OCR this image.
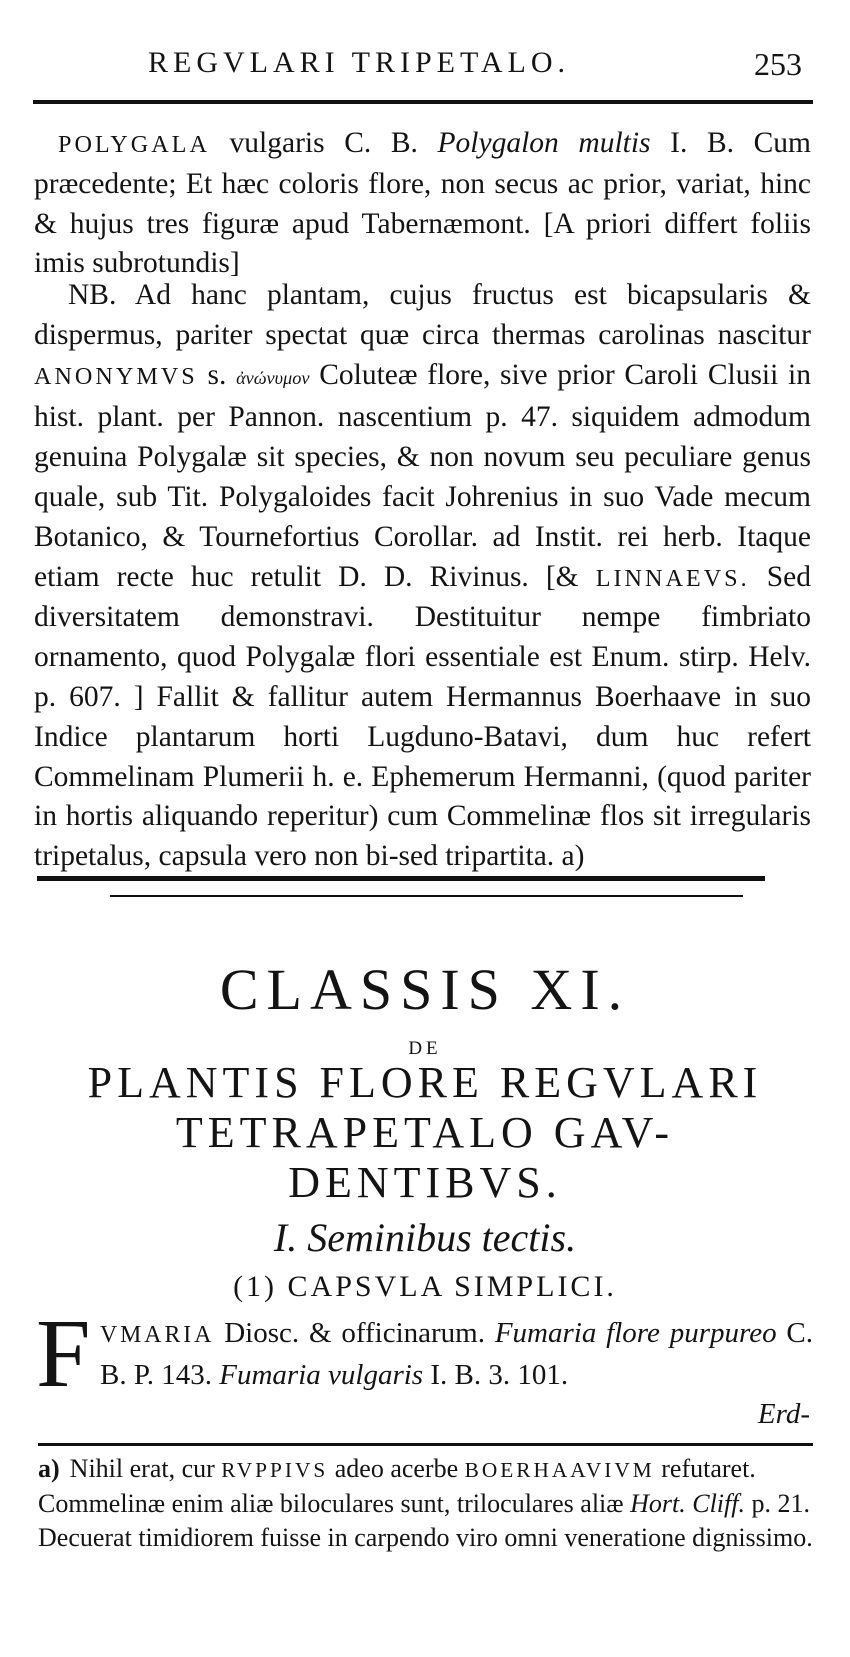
REGVLARI TRIPETALO.	253
POLYGALA vulgaris C. B. Polygalon multis I. B. Cum præcedente; Et hæc coloris flore, non secus ac prior, variat, hinc & hujus tres figuræ apud Tabernæmont. [A priori differt foliis imis subrotundis]
NB. Ad hanc plantam, cujus fructus est bicapsularis & dispermus, pariter spectat quæ circa thermas carolinas nascitur ANONYMVS s. ἀνώνυμον Coluteæ flore, sive prior Caroli Clusii in hist. plant. per Pannon. nascentium p. 47. siquidem admodum genuina Polygalæ sit species, & non novum seu peculiare genus quale, sub Tit. Polygaloides facit Johrenius in suo Vade mecum Botanico, & Tournefortius Corollar. ad Instit. rei herb. Itaque etiam recte huc retulit D. D. Rivinus. [& LINNAEVS. Sed diversitatem demonstravi. Destituitur nempe fimbriato ornamento, quod Polygalæ flori essentiale est Enum. stirp. Helv. p. 607. ] Fallit & fallitur autem Hermannus Boerhaave in suo Indice plantarum horti Lugduno-Batavi, dum huc refert Commelinam Plumerii h. e. Ephemerum Hermanni, (quod pariter in hortis aliquando reperitur) cum Commelinæ flos sit irregularis tripetalus, capsula vero non bi-sed tripartita. a)
CLASSIS XI.
DE
PLANTIS FLORE REGVLARI
TETRAPETALO GAV-
DENTIBVS.
I. Seminibus tectis.
(1) CAPSVLA SIMPLICI.
F VMARIA Diosc. & officinarum. Fumaria flore purpureo C. B. P. 143. Fumaria vulgaris I. B. 3. 101.
Erd-
a) Nihil erat, cur RVPPIVS adeo acerbe BOERHAAVIVM refutaret. Commelinæ enim aliæ biloculares sunt, triloculares aliæ Hort. Cliff. p. 21. Decuerat timidiorem fuisse in carpendo viro omni veneratione dignissimo.
